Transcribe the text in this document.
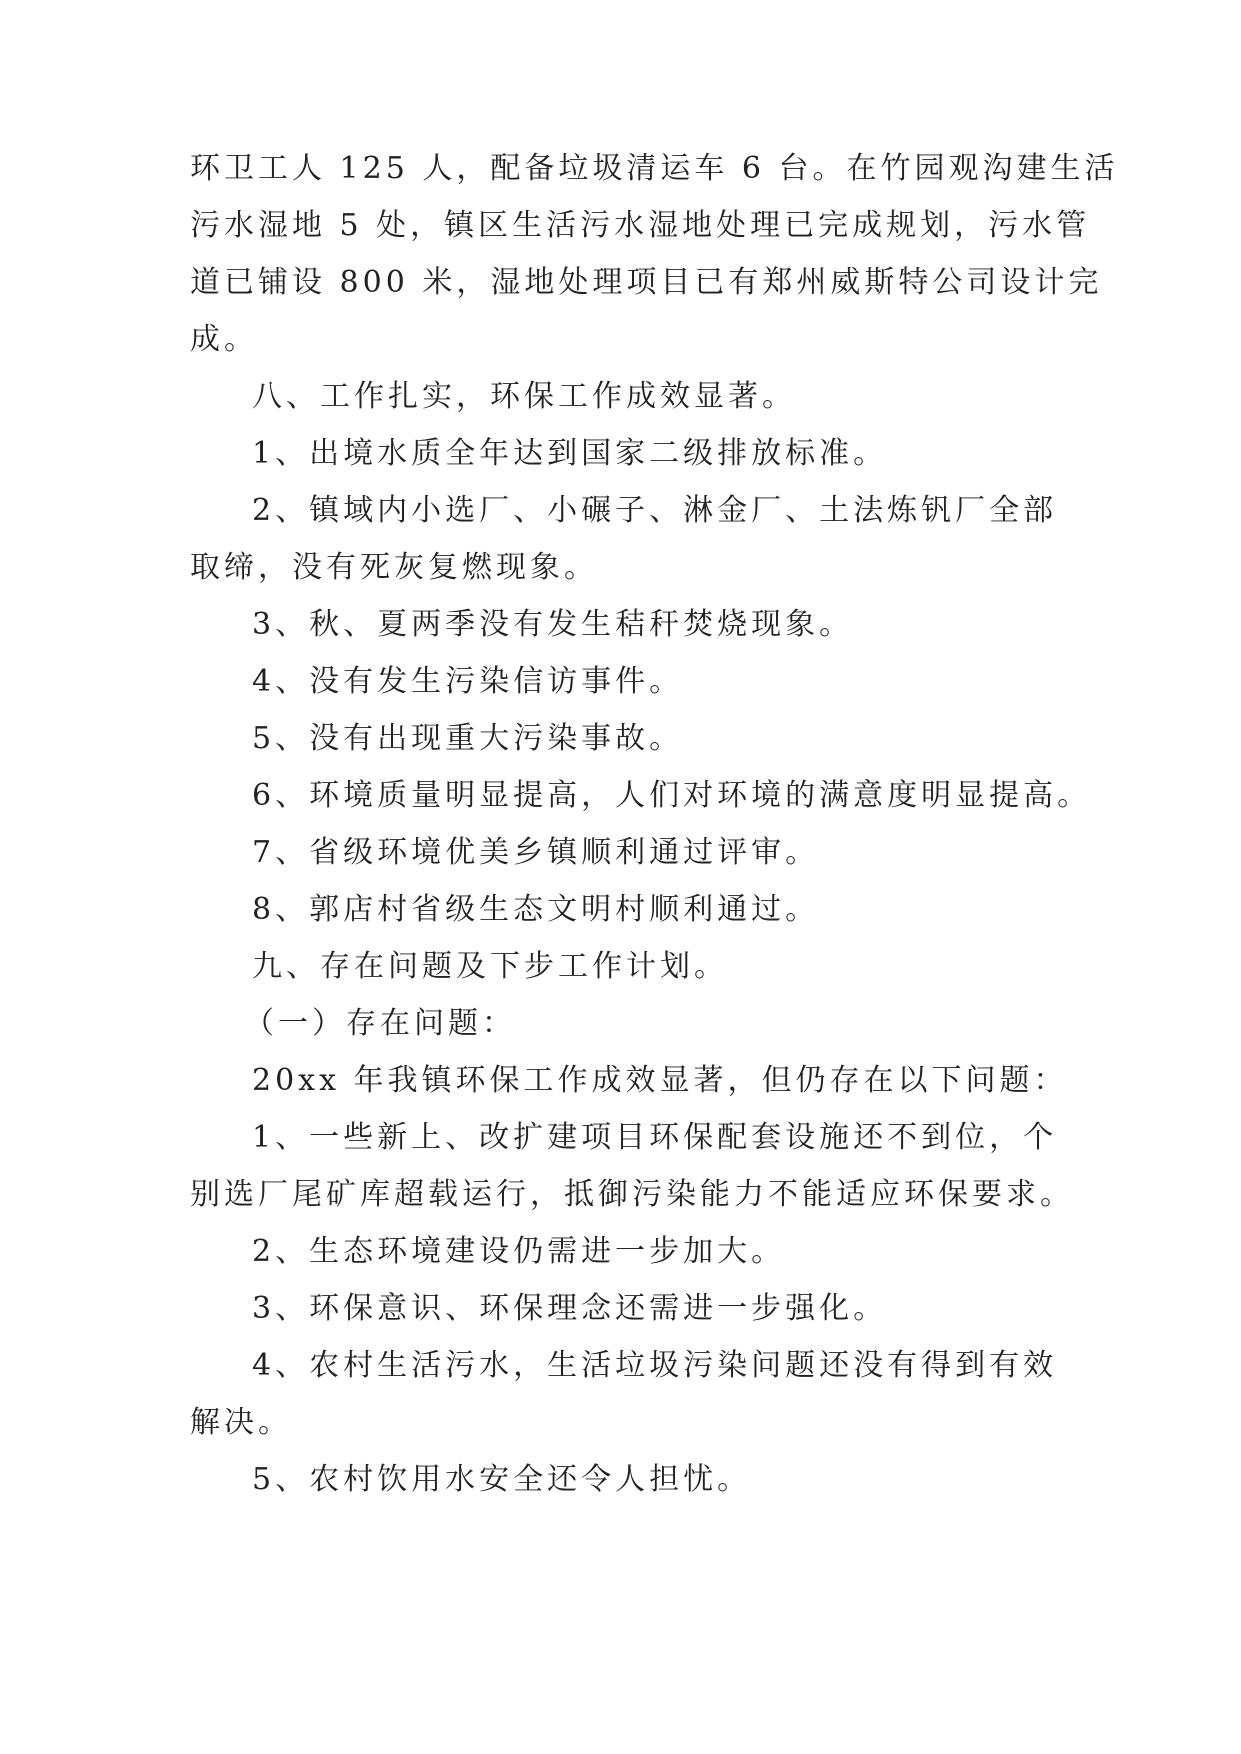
环卫工人 125 人，配备垃圾清运车 6 台。在竹园观沟建生活
污水湿地 5 处，镇区生活污水湿地处理已完成规划，污水管
道已铺设 800 米，湿地处理项目已有郑州威斯特公司设计完
成。
八、工作扎实，环保工作成效显著。
1、出境水质全年达到国家二级排放标准。
2、镇域内小选厂、小碾子、淋金厂、土法炼钒厂全部
取缔，没有死灰复燃现象。
3、秋、夏两季没有发生秸秆焚烧现象。
4、没有发生污染信访事件。
5、没有出现重大污染事故。
6、环境质量明显提高，人们对环境的满意度明显提高。
7、省级环境优美乡镇顺利通过评审。
8、郭店村省级生态文明村顺利通过。
九、存在问题及下步工作计划。
（一）存在问题：
20xx 年我镇环保工作成效显著，但仍存在以下问题：
1、一些新上、改扩建项目环保配套设施还不到位，个
别选厂尾矿库超载运行，抵御污染能力不能适应环保要求。
2、生态环境建设仍需进一步加大。
3、环保意识、环保理念还需进一步强化。
4、农村生活污水，生活垃圾污染问题还没有得到有效
解决。
5、农村饮用水安全还令人担忧。
